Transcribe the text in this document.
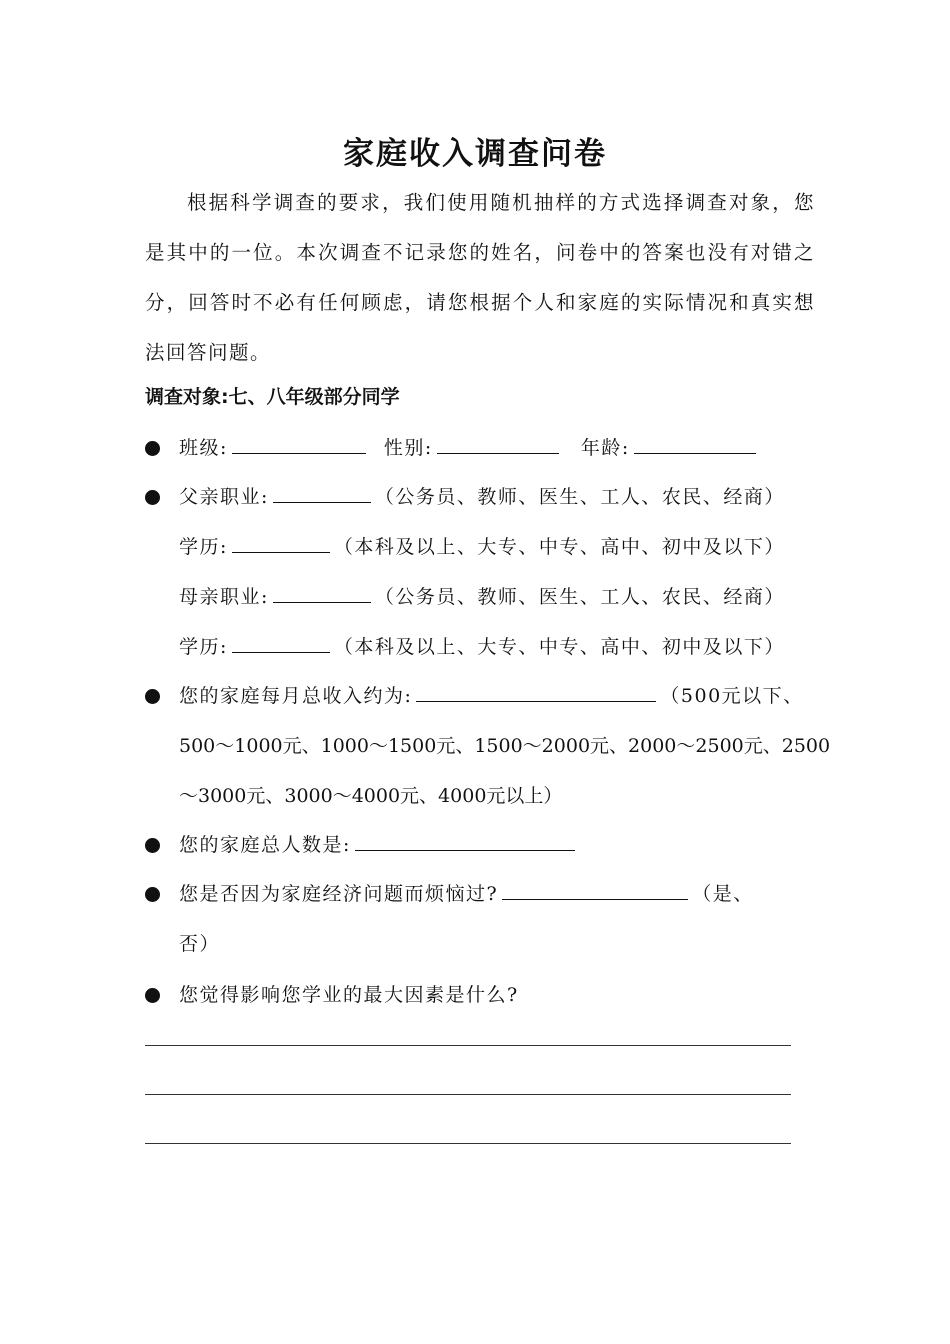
家庭收入调查问卷

根据科学调查的要求，我们使用随机抽样的方式选择调查对象，您是其中的一位。本次调查不记录您的姓名，问卷中的答案也没有对错之分，回答时不必有任何顾虑，请您根据个人和家庭的实际情况和真实想法回答问题。

调查对象:七、八年级部分同学
班级:	性别:	年龄:
父亲职业:	（公务员、教师、医生、工人、农民、经商）
学历:	（本科及以上、大专、中专、高中、初中及以下）
母亲职业:	（公务员、教师、医生、工人、农民、经商）
学历:	（本科及以上、大专、中专、高中、初中及以下）
您的家庭每月总收入约为:	（500元以下、
500～1000元、1000～1500元、1500～2000元、2000～2500元、2500
～3000元、3000～4000元、4000元以上）
您的家庭总人数是:
您是否因为家庭经济问题而烦恼过?	（是、
否）
您觉得影响您学业的最大因素是什么?
